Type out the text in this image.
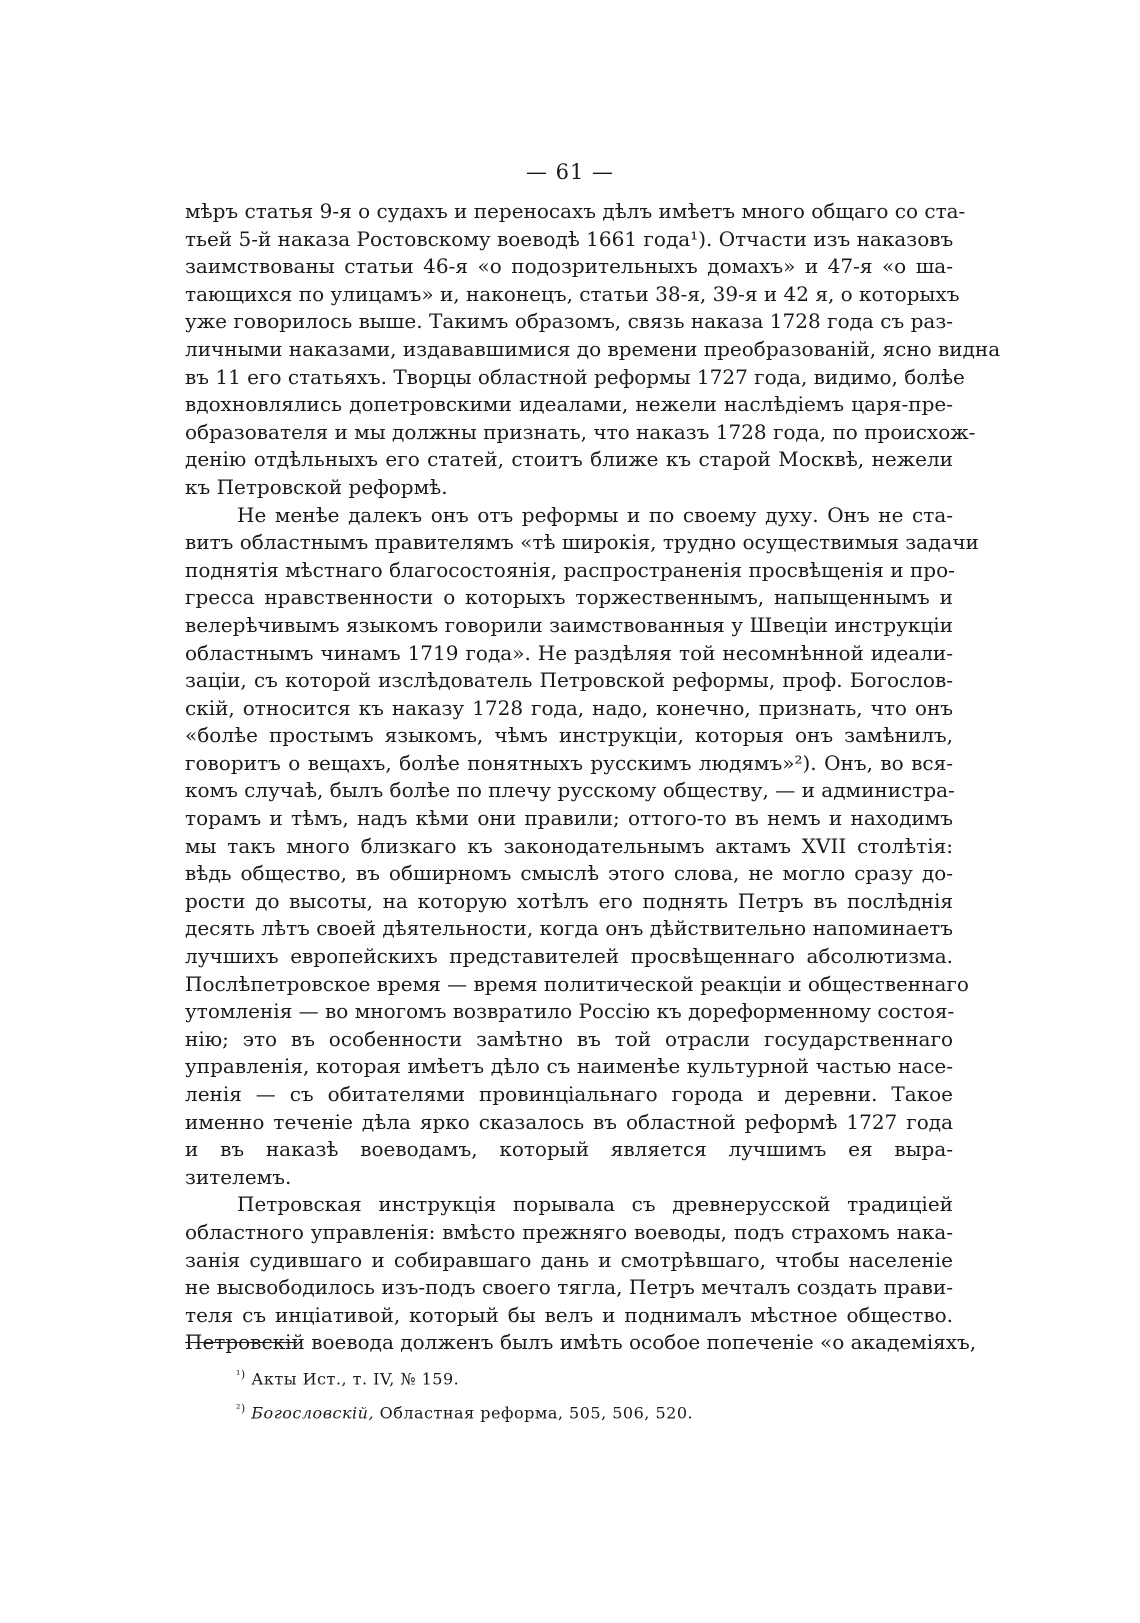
— 61 —
мѣръ статья 9-я о судахъ и переносахъ дѣлъ имѣетъ много общаго со ста-
тьей 5-й наказа Ростовскому воеводѣ 1661 года¹). Отчасти изъ наказовъ
заимствованы статьи 46-я «о подозрительныхъ домахъ» и 47-я «о ша-
тающихся по улицамъ» и, наконецъ, статьи 38-я, 39-я и 42 я, о которыхъ
уже говорилось выше. Такимъ образомъ, связь наказа 1728 года съ раз-
личными наказами, издававшимися до времени преобразованій, ясно видна
въ 11 его статьяхъ. Творцы областной реформы 1727 года, видимо, болѣе
вдохновлялись допетровскими идеалами, нежели наслѣдіемъ царя-пре-
образователя и мы должны признать, что наказъ 1728 года, по происхож-
денію отдѣльныхъ его статей, стоитъ ближе къ старой Москвѣ, нежели
къ Петровской реформѣ.
Не менѣе далекъ онъ отъ реформы и по своему духу. Онъ не ста-
витъ областнымъ правителямъ «тѣ широкія, трудно осуществимыя задачи
поднятія мѣстнаго благосостоянія, распространенія просвѣщенія и про-
гресса нравственности о которыхъ торжественнымъ, напыщеннымъ и
велерѣчивымъ языкомъ говорили заимствованныя у Швеціи инструкціи
областнымъ чинамъ 1719 года». Не раздѣляя той несомнѣнной идеали-
заціи, съ которой изслѣдователь Петровской реформы, проф. Богослов-
скій, относится къ наказу 1728 года, надо, конечно, признать, что онъ
«болѣе простымъ языкомъ, чѣмъ инструкціи, которыя онъ замѣнилъ,
говоритъ о вещахъ, болѣе понятныхъ русскимъ людямъ»²). Онъ, во вся-
комъ случаѣ, былъ болѣе по плечу русскому обществу, — и администра-
торамъ и тѣмъ, надъ кѣми они правили; оттого-то въ немъ и находимъ
мы такъ много близкаго къ законодательнымъ актамъ XVII столѣтія:
вѣдь общество, въ обширномъ смыслѣ этого слова, не могло сразу до-
рости до высоты, на которую хотѣлъ его поднять Петръ въ послѣднія
десять лѣтъ своей дѣятельности, когда онъ дѣйствительно напоминаетъ
лучшихъ европейскихъ представителей просвѣщеннаго абсолютизма.
Послѣпетровское время — время политической реакціи и общественнаго
утомленія — во многомъ возвратило Россію къ дореформенному состоя-
нію; это въ особенности замѣтно въ той отрасли государственнаго
управленія, которая имѣетъ дѣло съ наименѣе культурной частью насе-
ленія — съ обитателями провинціальнаго города и деревни. Такое
именно теченіе дѣла ярко сказалось въ областной реформѣ 1727 года
и въ наказѣ воеводамъ, который является лучшимъ ея выра-
зителемъ.
Петровская инструкція порывала съ древнерусской традиціей
областного управленія: вмѣсто прежняго воеводы, подъ страхомъ нака-
занія судившаго и собиравшаго дань и смотрѣвшаго, чтобы населеніе
не высвободилось изъ-подъ своего тягла, Петръ мечталъ создать прави-
теля съ инціативой, который бы велъ и поднималъ мѣстное общество.
Петровскій воевода долженъ былъ имѣть особое попеченіе «о академіяхъ,
$^{^1)}$ Акты Ист., т. IV, № 159.
$^{^2)}$ Богословскій, Областная реформа, 505, 506, 520.
